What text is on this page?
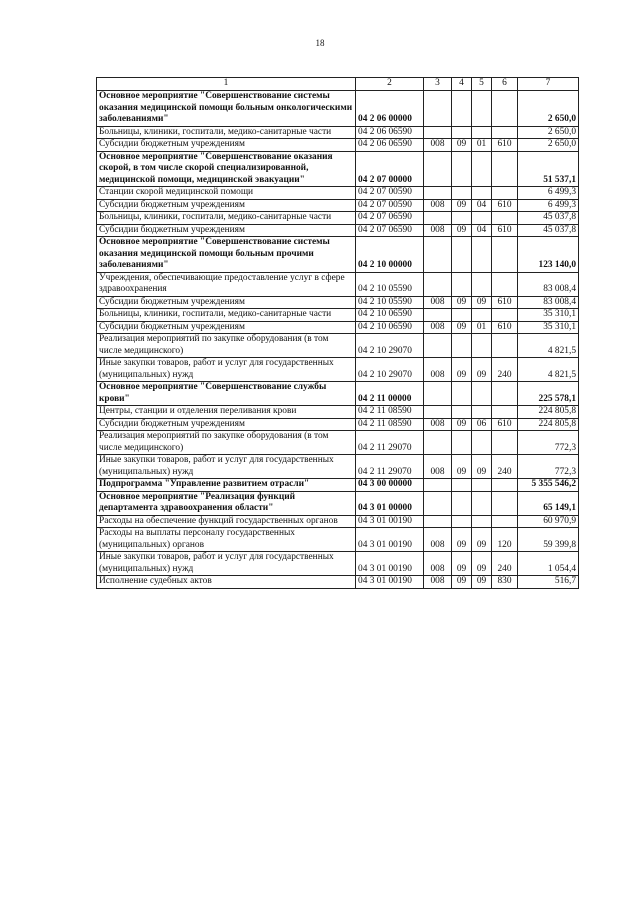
18
1	2	3	4	5	6	7
Основное мероприятие "Совершенствование системы оказания медицинской помощи больным онкологическими заболеваниями"	04 2 06 00000					2 650,0
Больницы, клиники, госпитали, медико-санитарные части	04 2 06 06590					2 650,0
Субсидии бюджетным учреждениям	04 2 06 06590	008	09	01	610	2 650,0
Основное мероприятие "Совершенствование оказания скорой, в том числе скорой специализированной, медицинской помощи, медицинской эвакуации"	04 2 07 00000					51 537,1
Станции скорой медицинской помощи	04 2 07 00590					6 499,3
Субсидии бюджетным учреждениям	04 2 07 00590	008	09	04	610	6 499,3
Больницы, клиники, госпитали, медико-санитарные части	04 2 07 06590					45 037,8
Субсидии бюджетным учреждениям	04 2 07 06590	008	09	04	610	45 037,8
Основное мероприятие "Совершенствование системы оказания медицинской помощи больным прочими заболеваниями"	04 2 10 00000					123 140,0
Учреждения, обеспечивающие предоставление услуг в сфере здравоохранения	04 2 10 05590					83 008,4
Субсидии бюджетным учреждениям	04 2 10 05590	008	09	09	610	83 008,4
Больницы, клиники, госпитали, медико-санитарные части	04 2 10 06590					35 310,1
Субсидии бюджетным учреждениям	04 2 10 06590	008	09	01	610	35 310,1
Реализация мероприятий по закупке оборудования (в том числе медицинского)	04 2 10 29070					4 821,5
Иные закупки товаров, работ и услуг для государственных (муниципальных) нужд	04 2 10 29070	008	09	09	240	4 821,5
Основное мероприятие "Совершенствование службы крови"	04 2 11 00000					225 578,1
Центры, станции и отделения переливания крови	04 2 11 08590					224 805,8
Субсидии бюджетным учреждениям	04 2 11 08590	008	09	06	610	224 805,8
Реализация мероприятий по закупке оборудования (в том числе медицинского)	04 2 11 29070					772,3
Иные закупки товаров, работ и услуг для государственных (муниципальных) нужд	04 2 11 29070	008	09	09	240	772,3
Подпрограмма "Управление развитием отрасли"	04 3 00 00000					5 355 546,2
Основное мероприятие "Реализация функций департамента здравоохранения области"	04 3 01 00000					65 149,1
Расходы на обеспечение функций государственных органов	04 3 01 00190					60 970,9
Расходы на выплаты персоналу государственных (муниципальных) органов	04 3 01 00190	008	09	09	120	59 399,8
Иные закупки товаров, работ и услуг для государственных (муниципальных) нужд	04 3 01 00190	008	09	09	240	1 054,4
Исполнение судебных актов	04 3 01 00190	008	09	09	830	516,7
